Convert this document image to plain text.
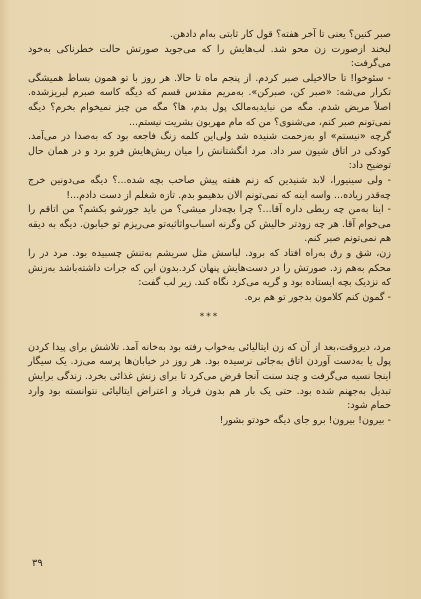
صبر کنین؟ یعنی تا آخر هفته؟ قول کار ثابتی به‌ام دادهن.

لبخند ازصورت زن محو شد. لب‌هایش را که می‌جوید صورتش حالت خطرناکی به‌خود می‌گرفت:

- سئوخوا! تا حالاخیلی صبر کردم. از پنجم ماه تا حالا. هر روز با تو همون بساط همیشگی تکرار می‌شه: «صبر کن، صبرکن». به‌مریم مقدس قسم که دیگه کاسه صبرم لبریزشده. اصلاً مریض شدم. مگه من نبایدبه‌مالک پول بدم، ها؟ مگه من چیز نمیخوام بخرم؟ دیگه نمی‌تونم صبر کنم، می‌شنوی؟ من که مام مهربون بشریت نیستم...

گرچه «نیستم» او به‌زحمت شنیده شد ولی‌این کلمه زنگ فاجعه بود که به‌صدا در می‌آمد. کودکی در اتاق شیون سر داد. مرد انگشتانش را میان ریش‌هایش فرو برد و در همان حال توضیح داد:

- ولی سینیورا، لابد شنیدین که زنم هفته پیش صاحب بچه شده...؟ دیگه می‌دونین خرج چه‌قدر زیاده... واسه اینه که نمی‌تونم الان بدهیمو بدم. تازه شغلم از دست دادم...!

- اینا به‌من چه ربطی داره آقا...؟ چرا بچه‌دار میشی؟ من باید جورشو بکشم؟ من اتاقم را می‌خوام آقا. هر چه زودتر خالیش کن وگرنه اسباب‌واثاثیه‌تو می‌ریزم تو خیابون. دیگه به دیقه هم نمی‌تونم صبر کنم.

زن، شق و رق به‌راه افتاد که برود. لباسش مثل سریشم به‌تنش چسبیده بود. مرد در را محکم به‌هم زد. صورتش را در دست‌هایش پنهان کرد.بدون این که جرات داشته‌باشد به‌زنش که نزدیک بچه ایستاده بود و گریه می‌کرد نگاه کند. زیر لب گفت:

- گمون کنم کلامون بدجور تو هم بره.

***

مرد، دیروقت،بعد از آن که زن ایتالیائی به‌خواب رفته بود به‌خانه آمد. تلاشش برای پیدا کردن پول یا به‌دست آوردن اتاق به‌جائی نرسیده بود. هر روز در خیابان‌ها پرسه می‌زد. یک سیگار اینجا نسیه می‌گرفت و چند سنت آنجا قرض می‌کرد تا برای زنش غذائی بخرد. زندگی برایش تبدیل به‌جهنم شده بود. حتی یک بار هم بدون فریاد و اعتراض ایتالیائی نتوانسته بود وارد حمام شود:

- بیرون! بیرون! برو جای دیگه خودتو بشور!

۳۹
